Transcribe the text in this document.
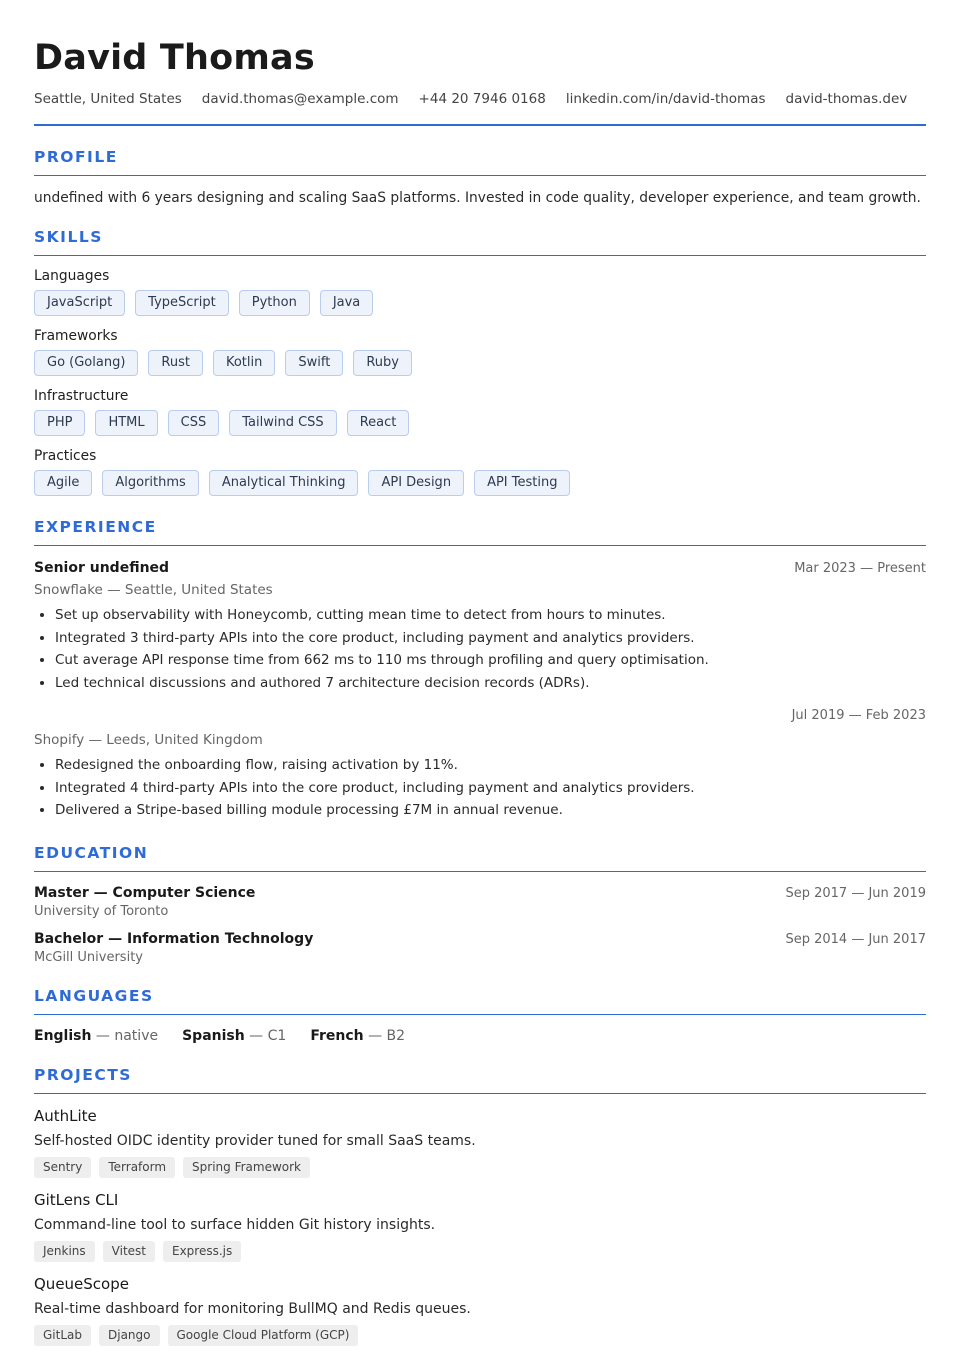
David Thomas
Seattle, United States david.thomas@example.com +44 20 7946 0168 linkedin.com/in/david-thomas david-thomas.dev
PROFILE
undefined with 6 years designing and scaling SaaS platforms. Invested in code quality, developer experience, and team growth.
SKILLS
Languages
JavaScript	TypeScript	Python	Java
Frameworks
Go (Golang)	Rust	Kotlin	Swift	Ruby
Infrastructure
PHP	HTML	CSS	Tailwind CSS	React
Practices
Agile	Algorithms	Analytical Thinking	API Design	API Testing
EXPERIENCE
Senior undefined	Mar 2023 — Present
Snowflake — Seattle, United States
• Set up observability with Honeycomb, cutting mean time to detect from hours to minutes.
• Integrated 3 third-party APIs into the core product, including payment and analytics providers.
• Cut average API response time from 662 ms to 110 ms through profiling and query optimisation.
• Led technical discussions and authored 7 architecture decision records (ADRs).
Jul 2019 — Feb 2023
Shopify — Leeds, United Kingdom
• Redesigned the onboarding flow, raising activation by 11%.
• Integrated 4 third-party APIs into the core product, including payment and analytics providers.
• Delivered a Stripe-based billing module processing £7M in annual revenue.
EDUCATION
Master — Computer Science	Sep 2017 — Jun 2019
University of Toronto
Bachelor — Information Technology	Sep 2014 — Jun 2017
McGill University
LANGUAGES
English — native Spanish — C1 French — B2
PROJECTS
AuthLite
Self-hosted OIDC identity provider tuned for small SaaS teams.
Sentry	Terraform	Spring Framework
GitLens CLI
Command-line tool to surface hidden Git history insights.
Jenkins	Vitest	Express.js
QueueScope
Real-time dashboard for monitoring BullMQ and Redis queues.
GitLab	Django	Google Cloud Platform (GCP)
